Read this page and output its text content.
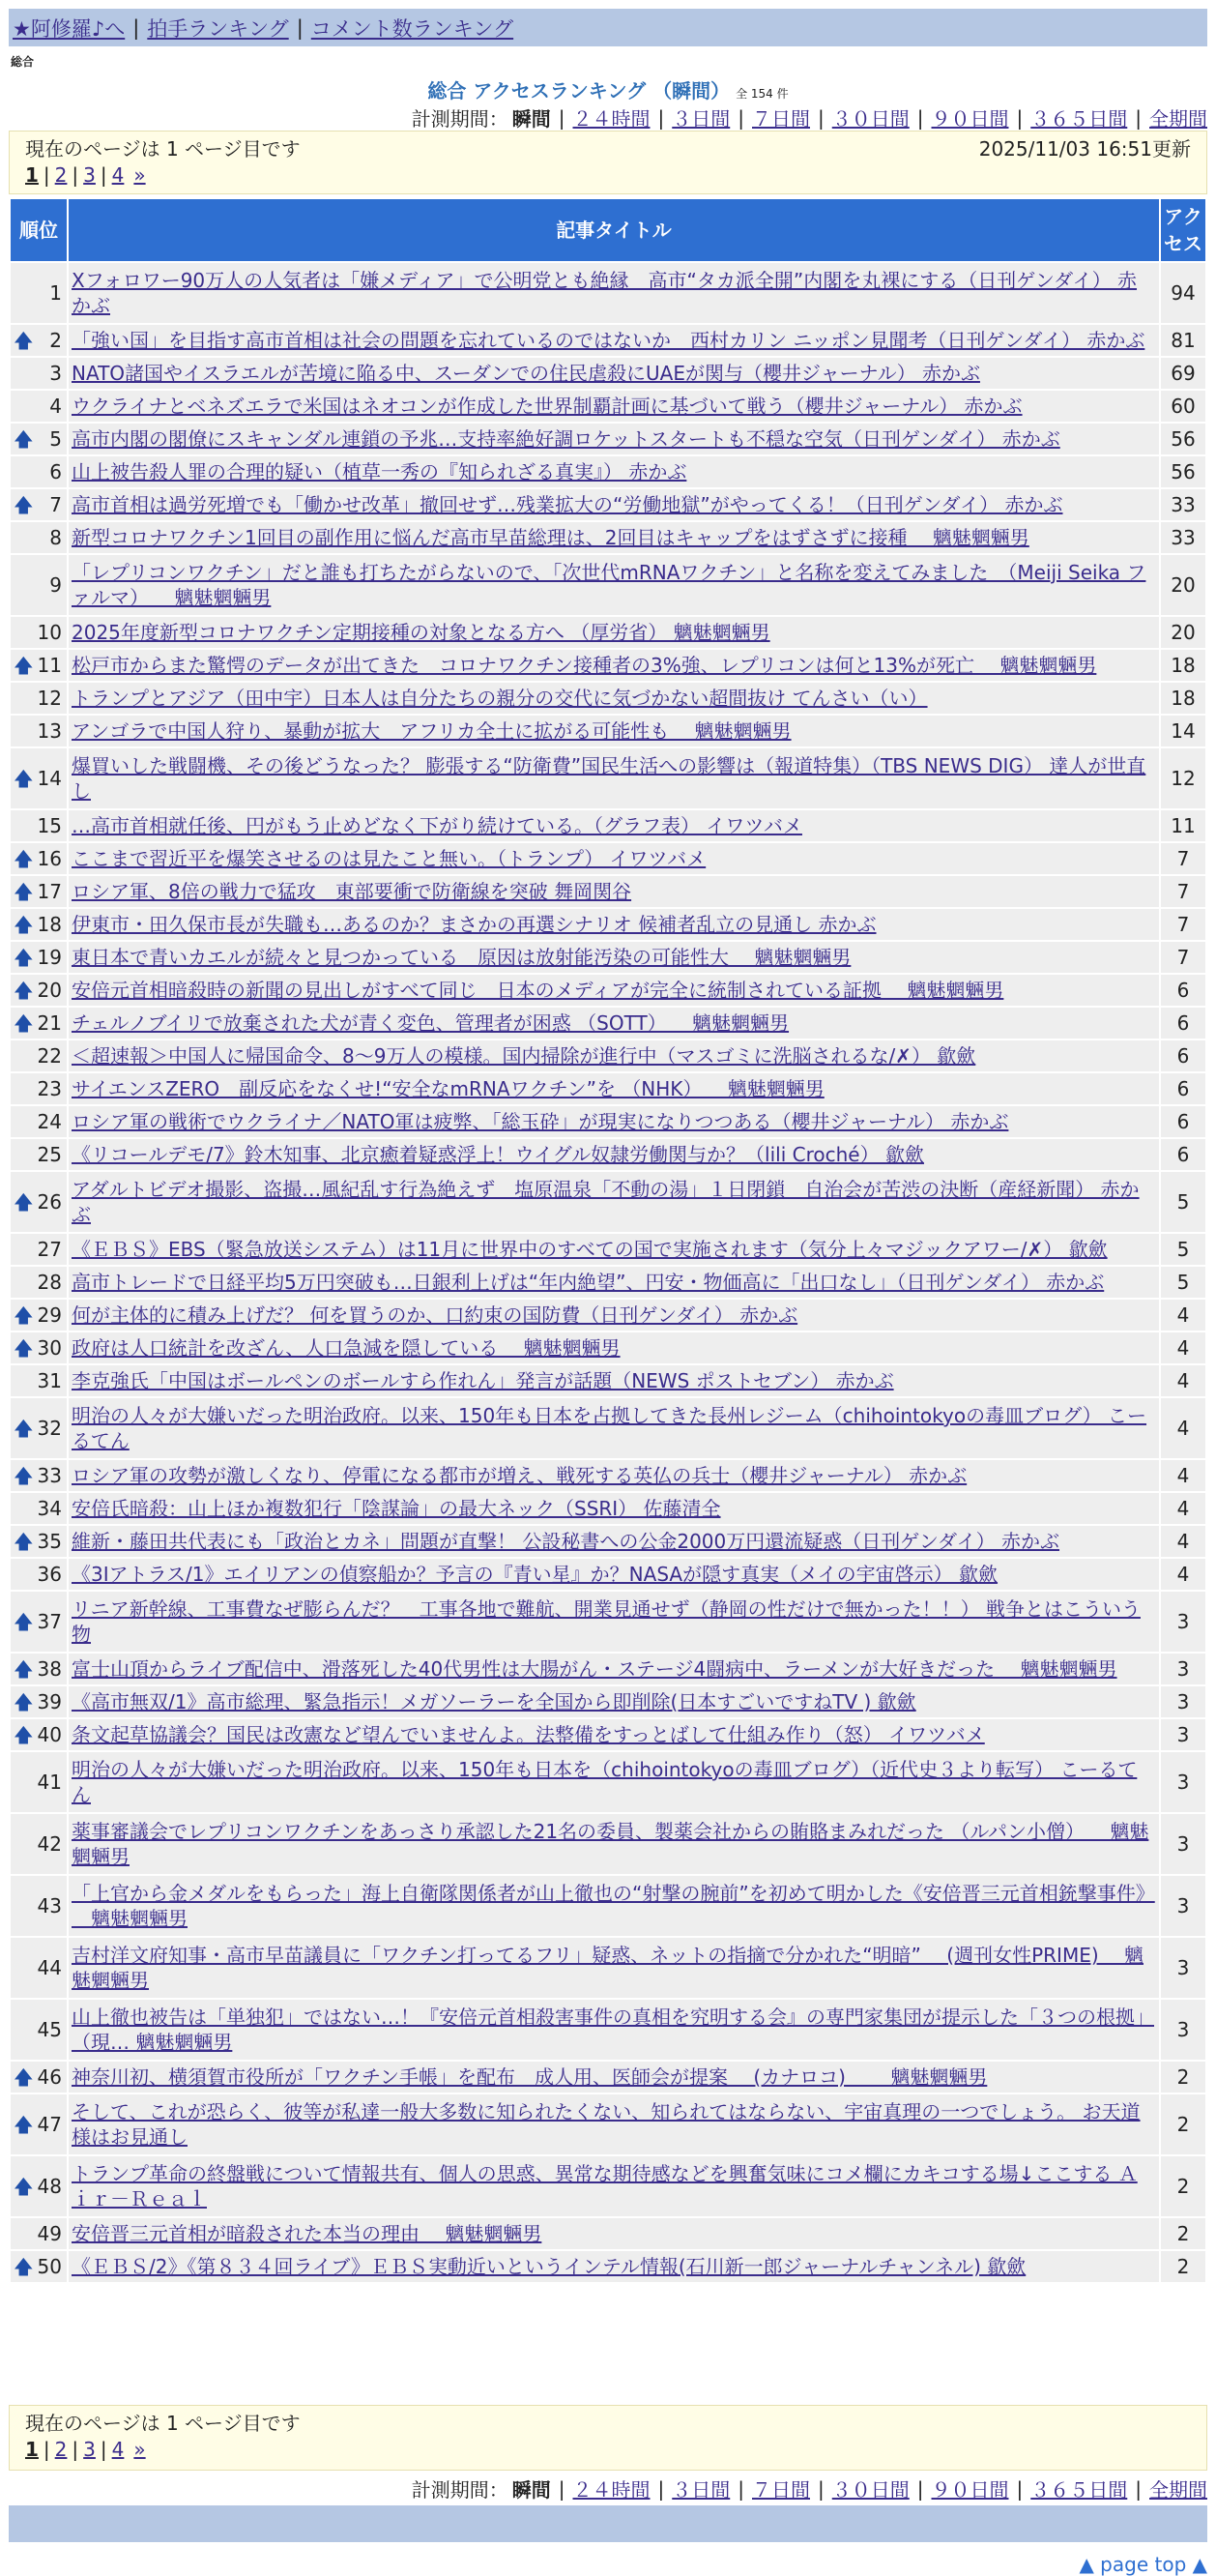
★阿修羅♪へ | 拍手ランキング | コメント数ランキング
総合
総合 アクセスランキング （瞬間） 全 154 件
計測期間： 瞬間 | ２４時間 | ３日間 | ７日間 | ３０日間 | ９０日間 | ３６５日間 | 全期間
現在のページは 1 ページ目です	2025/11/03 16:51更新
1 | 2 | 3 | 4 »
順位	記事タイトル	アクセス
1	Xフォロワー90万人の人気者は「嫌メディア」で公明党とも絶縁　高市“タカ派全開”内閣を丸裸にする（日刊ゲンダイ） 赤かぶ	94

🡅 2	「強い国」を目指す高市首相は社会の問題を忘れているのではないか　西村カリン ニッポン見聞考（日刊ゲンダイ） 赤かぶ	81
3	NATO諸国やイスラエルが苦境に陥る中、スーダンでの住民虐殺にUAEが関与（櫻井ジャーナル） 赤かぶ	69
4	ウクライナとベネズエラで米国はネオコンが作成した世界制覇計画に基づいて戦う（櫻井ジャーナル） 赤かぶ	60

🡅 5	高市内閣の閣僚にスキャンダル連鎖の予兆…支持率絶好調ロケットスタートも不穏な空気（日刊ゲンダイ） 赤かぶ	56
6	山上被告殺人罪の合理的疑い（植草一秀の『知られざる真実』） 赤かぶ	56

🡅 7	高市首相は過労死増でも「働かせ改革」撤回せず…残業拡大の“労働地獄”がやってくる！（日刊ゲンダイ） 赤かぶ	33
8	新型コロナワクチン1回目の副作用に悩んだ高市早苗総理は、2回目はキャップをはずさずに接種　 魑魅魍魎男	33
9	「レプリコンワクチン」だと誰も打ちたがらないので、「次世代mRNAワクチン」と名称を変えてみました　（Meiji Seika ファルマ） 　魑魅魍魎男	20
10	2025年度新型コロナワクチン定期接種の対象となる方へ （厚労省） 魑魅魍魎男	20

🡅 11	松戸市からまた驚愕のデータが出てきた　コロナワクチン接種者の3%強、レプリコンは何と13%が死亡 　魑魅魍魎男	18
12	トランプとアジア（田中宇）日本人は自分たちの親分の交代に気づかない超間抜け てんさい（い）	18
13	アンゴラで中国人狩り、暴動が拡大　アフリカ全土に拡がる可能性も 　魑魅魍魎男	14

🡅 14	爆買いした戦闘機、その後どうなった？ 膨張する“防衛費”国民生活への影響は（報道特集）（TBS NEWS DIG） 達人が世直し	12
15	…高市首相就任後、円がもう止めどなく下がり続けている。（グラフ表） イワツバメ	11

🡅 16	ここまで習近平を爆笑させるのは見たこと無い。（トランプ） イワツバメ	7

🡅 17	ロシア軍、8倍の戦力で猛攻　東部要衝で防衛線を突破 舞岡関谷	7

🡅 18	伊東市・田久保市長が失職も…あるのか？まさかの再選シナリオ 候補者乱立の見通し 赤かぶ	7

🡅 19	東日本で青いカエルが続々と見つかっている　原因は放射能汚染の可能性大 　魑魅魍魎男	7

🡅 20	安倍元首相暗殺時の新聞の見出しがすべて同じ　日本のメディアが完全に統制されている証拠 　魑魅魍魎男	6

🡅 21	チェルノブイリで放棄された犬が青く変色、管理者が困惑 （SOTT） 　魑魅魍魎男	6
22	＜超速報＞中国人に帰国命令、8〜9万人の模様。国内掃除が進行中（マスゴミに洗脳されるな/✗） 歙歛	6
23	サイエンスZERO　副反応をなくせ!“安全なmRNAワクチン”を （NHK） 　魑魅魍魎男	6
24	ロシア軍の戦術でウクライナ／NATO軍は疲弊、「総玉砕」が現実になりつつある（櫻井ジャーナル） 赤かぶ	6
25	《リコールデモ/7》鈴木知事、北京癒着疑惑浮上！ウイグル奴隷労働関与か？（lili Croché） 歙歛	6

🡅 26	アダルトビデオ撮影、盗撮…風紀乱す行為絶えず　塩原温泉「不動の湯」１日閉鎖　自治会が苦渋の決断（産経新聞） 赤かぶ	5
27	《ＥＢＳ》EBS（緊急放送システム）は11月に世界中のすべての国で実施されます（気分上々マジックアワー/✗） 歙歛	5
28	高市トレードで日経平均5万円突破も…日銀利上げは“年内絶望”、円安・物価高に「出口なし」（日刊ゲンダイ） 赤かぶ	5

🡅 29	何が主体的に積み上げだ？ 何を買うのか、口約束の国防費（日刊ゲンダイ） 赤かぶ	4

🡅 30	政府は人口統計を改ざん、人口急減を隠している　 魑魅魍魎男	4
31	李克強氏「中国はボールペンのボールすら作れん」発言が話題（NEWS ポストセブン） 赤かぶ	4

🡅 32	明治の人々が大嫌いだった明治政府。以来、150年も日本を占拠してきた長州レジーム（chihointokyoの毒皿ブログ） こーるてん	4

🡅 33	ロシア軍の攻勢が激しくなり、停電になる都市が増え、戦死する英仏の兵士（櫻井ジャーナル） 赤かぶ	4
34	安倍氏暗殺：山上ほか複数犯行「陰謀論」の最大ネック（SSRI） 佐藤清全	4

🡅 35	維新・藤田共代表にも「政治とカネ」問題が直撃！ 公設秘書への公金2000万円還流疑惑（日刊ゲンダイ） 赤かぶ	4
36	《3Iアトラス/1》エイリアンの偵察船か？予言の『青い星』か？NASAが隠す真実（メイの宇宙啓示） 歙歛	4

🡅 37	リニア新幹線、工事費なぜ膨らんだ？　工事各地で難航、開業見通せず（静岡の性だけで無かった！！） 戦争とはこういう物	3

🡅 38	富士山頂からライブ配信中、滑落死した40代男性は大腸がん・ステージ4闘病中、ラーメンが大好きだった 　魑魅魍魎男	3

🡅 39	《高市無双/1》高市総理、緊急指示！メガソーラーを全国から即削除(日本すごいですねTV ) 歙歛	3

🡅 40	条文起草協議会？国民は改憲など望んでいませんよ。法整備をすっとばして仕組み作り（怒） イワツバメ	3
41	明治の人々が大嫌いだった明治政府。以来、150年も日本を（chihointokyoの毒皿ブログ）（近代史３より転写） こーるてん	3
42	薬事審議会でレプリコンワクチンをあっさり承認した21名の委員、製薬会社からの賄賂まみれだった （ルパン小僧） 　魑魅魍魎男	3
43	「上官から金メダルをもらった」海上自衛隊関係者が山上徹也の“射撃の腕前”を初めて明かした《安倍晋三元首相銃撃事件》 　魑魅魍魎男	3
44	吉村洋文府知事・高市早苗議員に「ワクチン打ってるフリ」疑惑、ネットの指摘で分かれた“明暗” 　(週刊女性PRIME) 　魑魅魍魎男	3
45	山上徹也被告は「単独犯」ではない…！『安倍元首相殺害事件の真相を究明する会』の専門家集団が提示した「３つの根拠」（現… 魑魅魍魎男	3

🡅 46	神奈川初、横須賀市役所が「ワクチン手帳」を配布　成人用、医師会が提案 　(カナロコ) 　　魑魅魍魎男	2

🡅 47	そして、これが恐らく、彼等が私達一般大多数に知られたくない、知られてはならない、宇宙真理の一つでしょう。 お天道様はお見通し	2

🡅 48	トランプ革命の終盤戦について情報共有、個人の思惑、異常な期待感などを興奮気味にコメ欄にカキコする場↓ここする Ａｉｒ－Ｒｅａｌ	2
49	安倍晋三元首相が暗殺された本当の理由 　魑魅魍魎男	2

🡅 50	《ＥＢＳ/2》《第８３４回ライブ》ＥＢＳ実動近いというインテル情報(石川新一郎ジャーナルチャンネル) 歙歛	2
現在のページは 1 ページ目です
1 | 2 | 3 | 4 »
計測期間： 瞬間 | ２４時間 | ３日間 | ７日間 | ３０日間 | ９０日間 | ３６５日間 | 全期間
▲ page top ▲
